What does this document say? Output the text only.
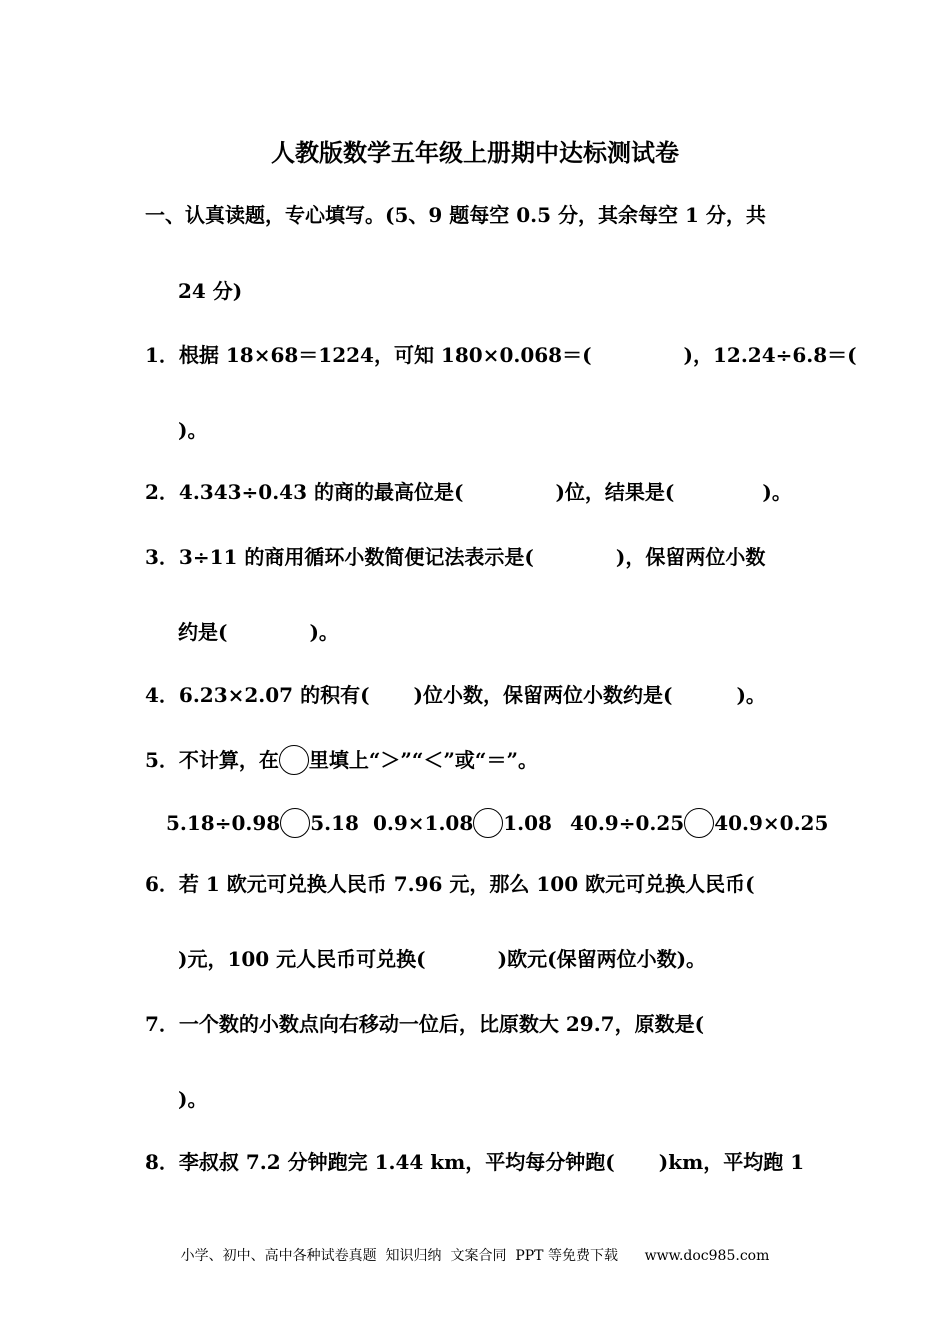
人教版数学五年级上册期中达标测试卷
一、认真读题，专心填写。(5、9 题每空 0.5 分，其余每空 1 分，共
24 分)
1．根据 18×68＝1224，可知 180×0.068＝(	)，12.24÷6.8＝(
)。
2．4.343÷0.43 的商的最高位是(	)位，结果是(	)。
3．3÷11 的商用循环小数简便记法表示是(	)，保留两位小数
约是(	)。
4．6.23×2.07 的积有( )位小数，保留两位小数约是(	)。
5．不计算，在 里填上“＞”“＜”或“＝”。
5.18÷0.98 5.18 0.9×1.08 1.08 40.9÷0.25 40.9×0.25
6．若 1 欧元可兑换人民币 7.96 元，那么 100 欧元可兑换人民币(
)元，100 元人民币可兑换(	)欧元(保留两位小数)。
7．一个数的小数点向右移动一位后，比原数大 29.7，原数是(
)。
8．李叔叔 7.2 分钟跑完 1.44 km，平均每分钟跑( )km，平均跑 1
小学、初中、高中各种试卷真题  知识归纳  文案合同  PPT 等免费下载 www.doc985.com
